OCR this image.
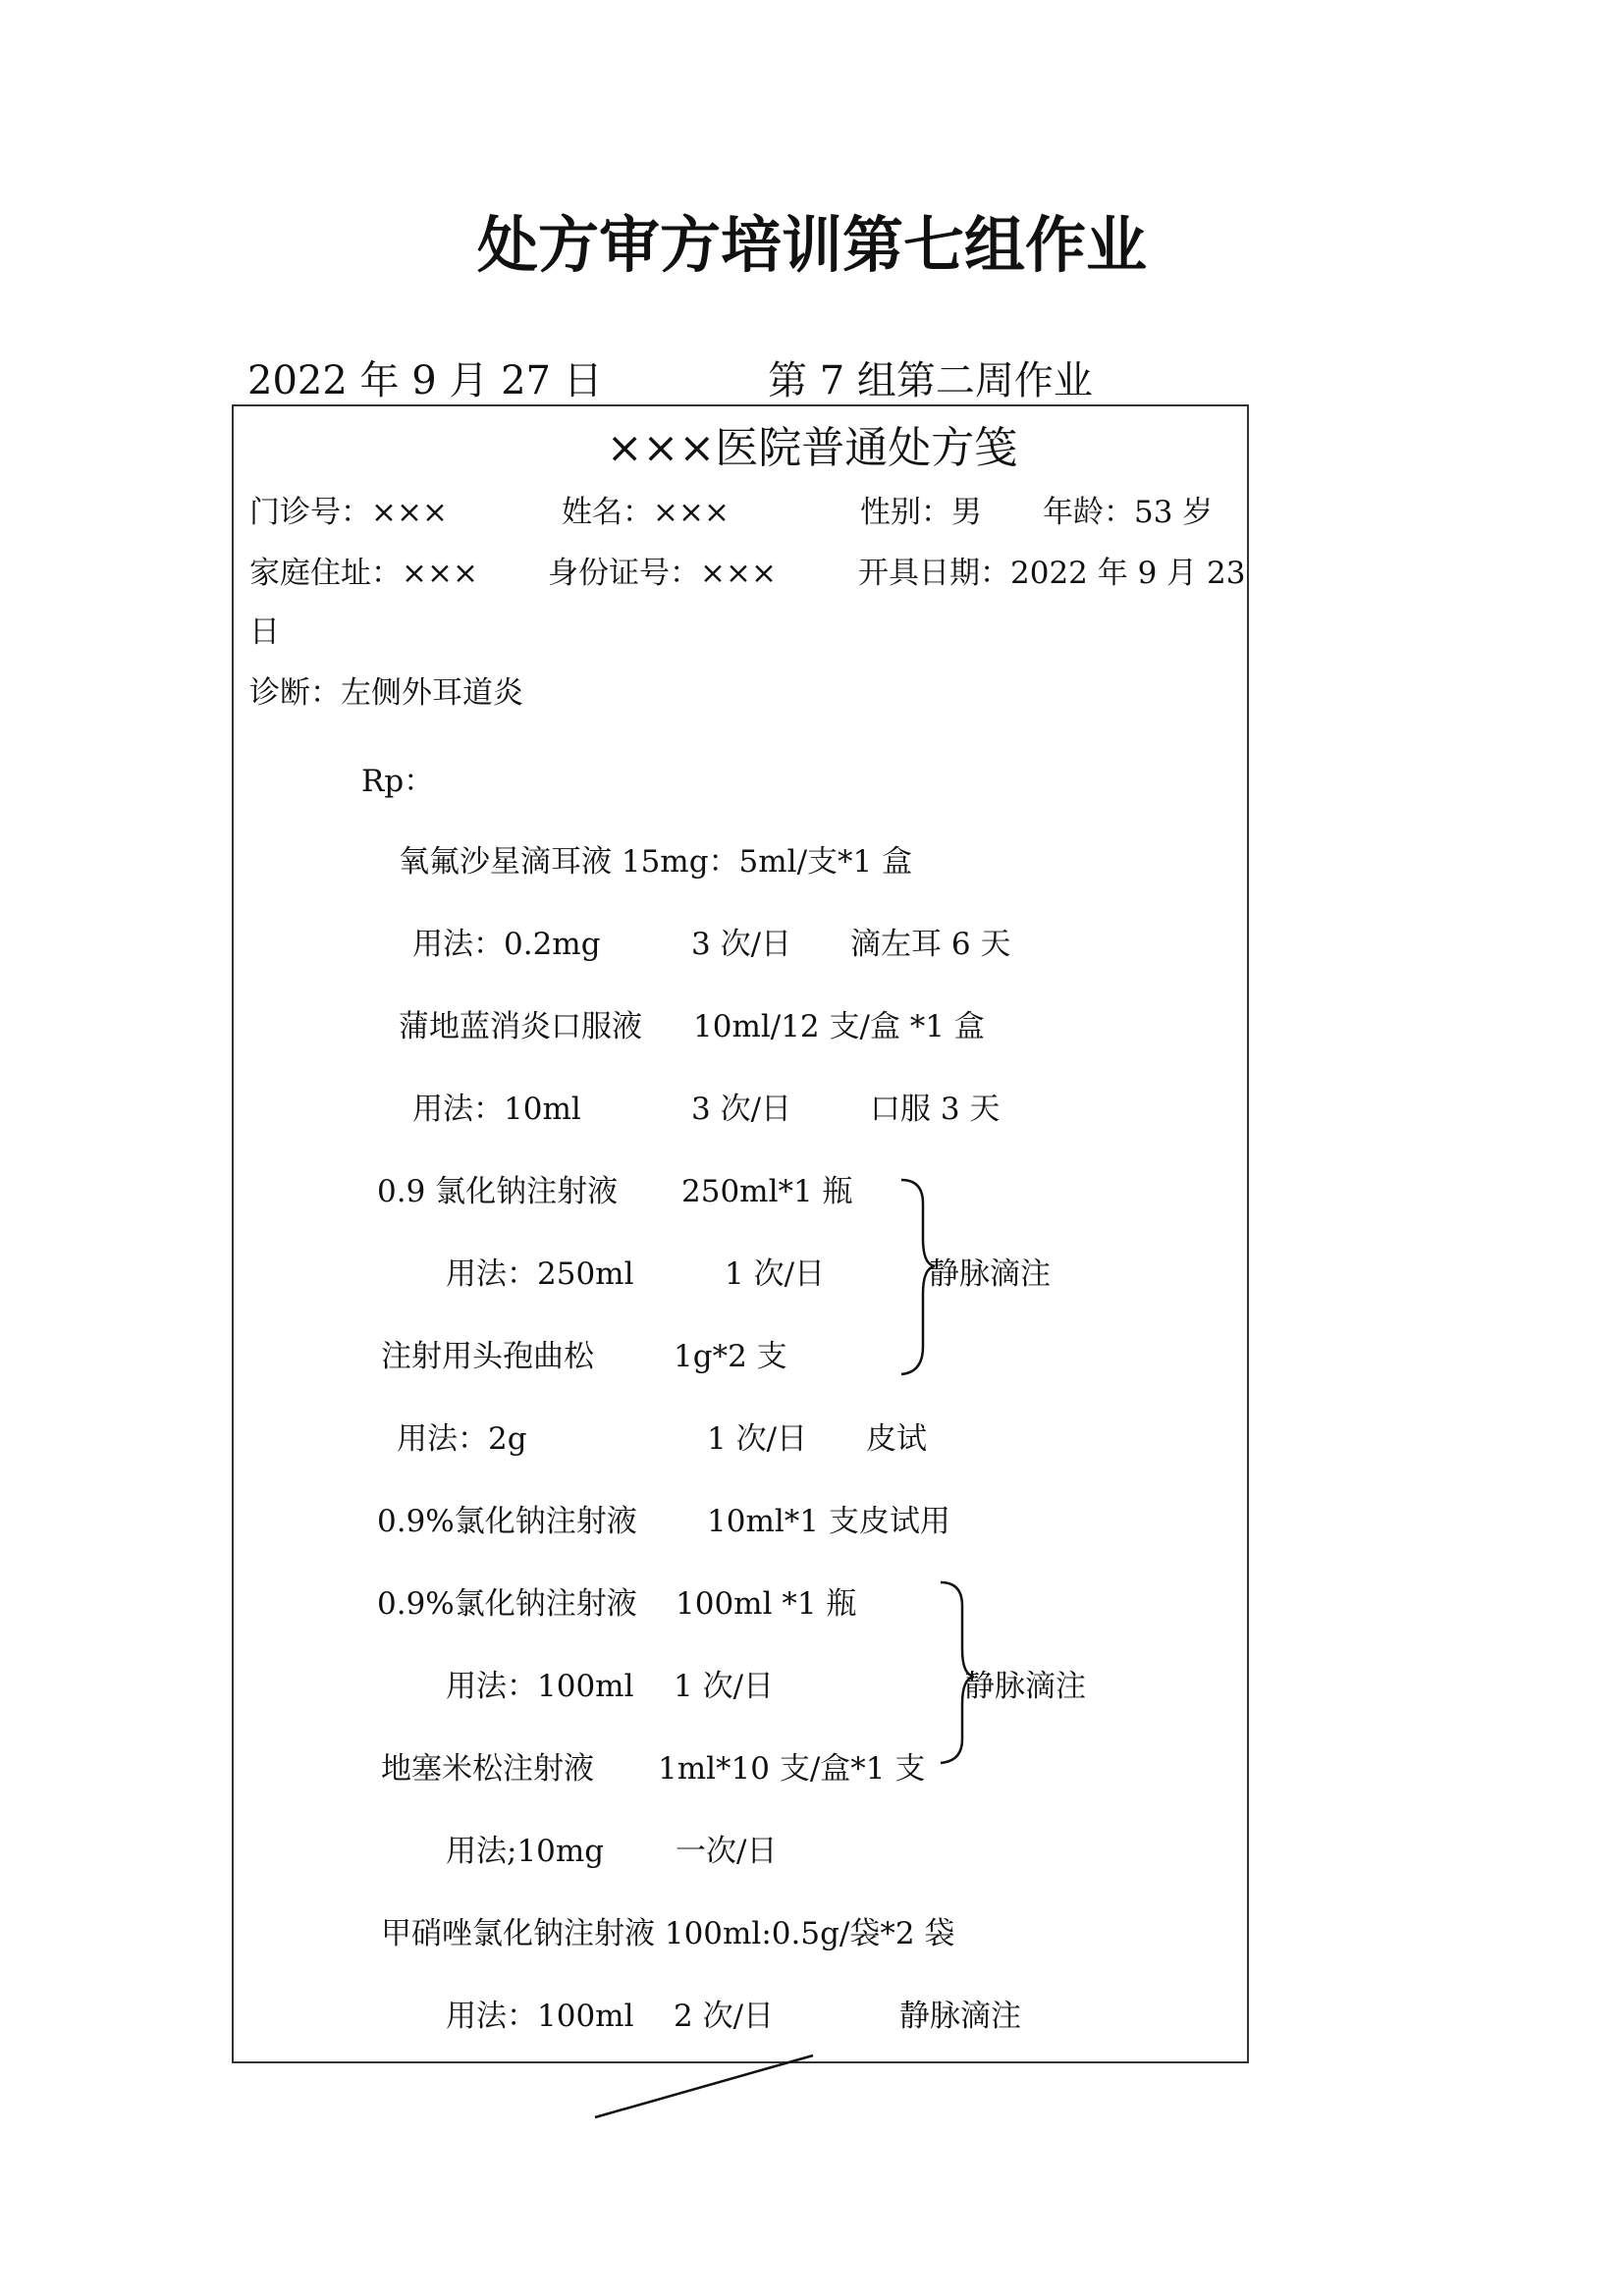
处方审方培训第七组作业
2022 年 9 月 27 日	第 7 组第二周作业
×××医院普通处方笺
门诊号：×××	姓名：×××	性别：男 年龄：53 岁
家庭住址：××× 身份证号：×××	开具日期：2022 年 9 月 23
日
诊断：左侧外耳道炎
Rp：
氧氟沙星滴耳液 15mg：5ml/支*1 盒
用法：0.2mg	3 次/日 滴左耳 6 天
蒲地蓝消炎口服液 10ml/12 支/盒 *1 盒
用法：10ml	3 次/日	口服 3 天
0.9 氯化钠注射液 250ml*1 瓶
用法：250ml	1 次/日	静脉滴注
注射用头孢曲松	1g*2 支
用法：2g	1 次/日 皮试
0.9%氯化钠注射液 10ml*1 支皮试用
0.9%氯化钠注射液 100ml *1 瓶
用法：100ml 1 次/日	静脉滴注
地塞米松注射液 1ml*10 支/盒*1 支
用法;10mg 一次/日
甲硝唑氯化钠注射液 100ml:0.5g/袋*2 袋
用法：100ml 2 次/日	静脉滴注
